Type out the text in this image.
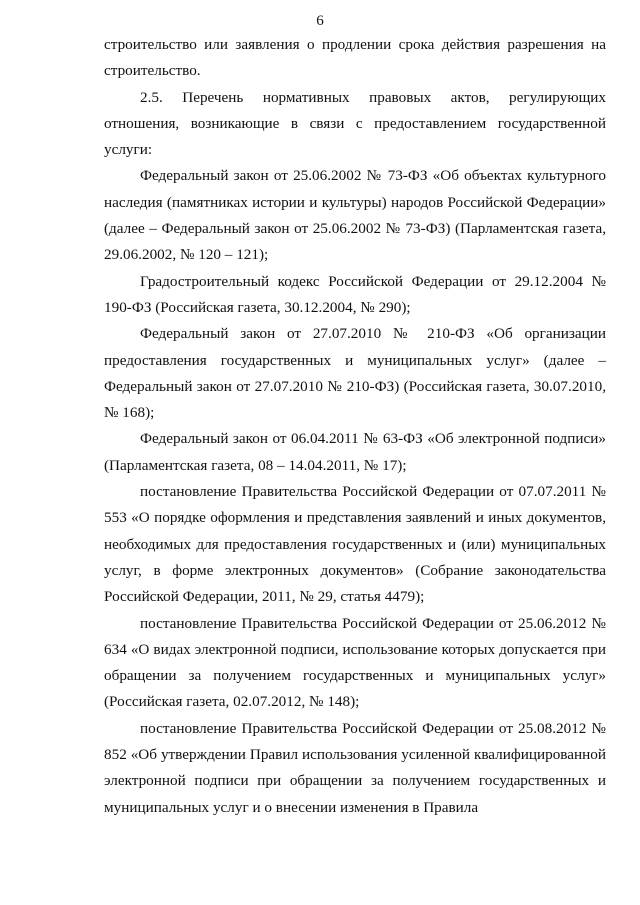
6

строительство или заявления о продлении срока действия разрешения на строительство.

2.5. Перечень нормативных правовых актов, регулирующих отношения, возникающие в связи с предоставлением государственной услуги:

Федеральный закон от 25.06.2002 № 73-ФЗ «Об объектах культурного наследия (памятниках истории и культуры) народов Российской Федерации» (далее – Федеральный закон от 25.06.2002 № 73-ФЗ) (Парламентская газета, 29.06.2002, № 120 – 121);

Градостроительный кодекс Российской Федерации от 29.12.2004 № 190-ФЗ (Российская газета, 30.12.2004, № 290);

Федеральный закон от 27.07.2010 № 210-ФЗ «Об организации предоставления государственных и муниципальных услуг» (далее – Федеральный закон от 27.07.2010 № 210-ФЗ) (Российская газета, 30.07.2010, № 168);

Федеральный закон от 06.04.2011 № 63-ФЗ «Об электронной подписи» (Парламентская газета, 08 – 14.04.2011, № 17);

постановление Правительства Российской Федерации от 07.07.2011 № 553 «О порядке оформления и представления заявлений и иных документов, необходимых для предоставления государственных и (или) муниципальных услуг, в форме электронных документов» (Собрание законодательства Российской Федерации, 2011, № 29, статья 4479);

постановление Правительства Российской Федерации от 25.06.2012 № 634 «О видах электронной подписи, использование которых допускается при обращении за получением государственных и муниципальных услуг» (Российская газета, 02.07.2012, № 148);

постановление Правительства Российской Федерации от 25.08.2012 № 852 «Об утверждении Правил использования усиленной квалифицированной электронной подписи при обращении за получением государственных и муниципальных услуг и о внесении изменения в Правила
